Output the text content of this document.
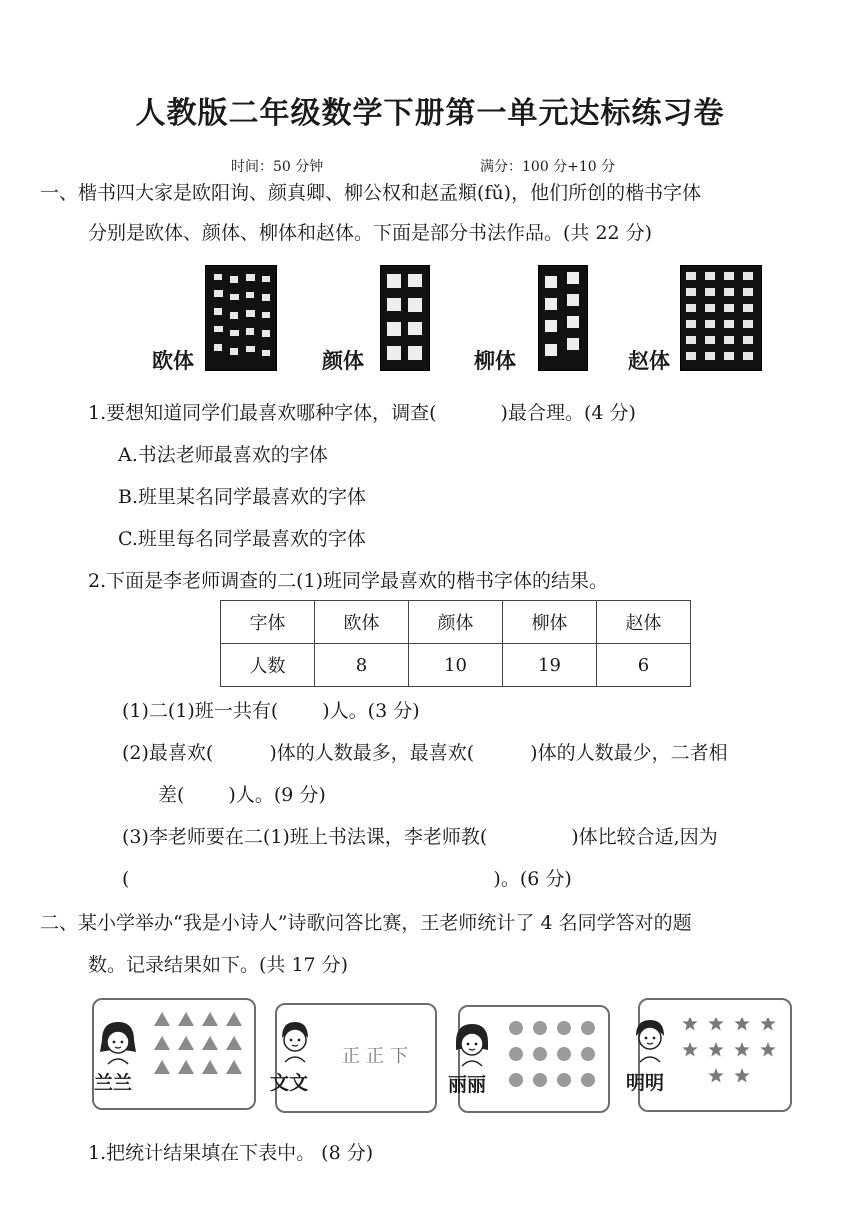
人教版二年级数学下册第一单元达标练习卷
时间：50 分钟	满分：100 分+10 分
一、楷书四大家是欧阳询、颜真卿、柳公权和赵孟頫(fǔ)，他们所创的楷书字体
分别是欧体、颜体、柳体和赵体。下面是部分书法作品。(共 22 分)
欧体	颜体	柳体	赵体
1.要想知道同学们最喜欢哪种字体，调查(	)最合理。(4 分)
A.书法老师最喜欢的字体
B.班里某名同学最喜欢的字体
C.班里每名同学最喜欢的字体
2.下面是李老师调查的二(1)班同学最喜欢的楷书字体的结果。
字体	欧体	颜体	柳体	赵体
人数	8	10	19	6
(1)二(1)班一共有( )人。(3 分)
(2)最喜欢(	)体的人数最多，最喜欢(	)体的人数最少，二者相
差( )人。(9 分)
(3)李老师要在二(1)班上书法课，李老师教(	)体比较合适,因为
(	)。(6 分)
二、某小学举办“我是小诗人”诗歌问答比赛，王老师统计了 4 名同学答对的题
数。记录结果如下。(共 17 分)
兰兰	文文
正正下
丽丽	明明
1.把统计结果填在下表中。 (8 分)
